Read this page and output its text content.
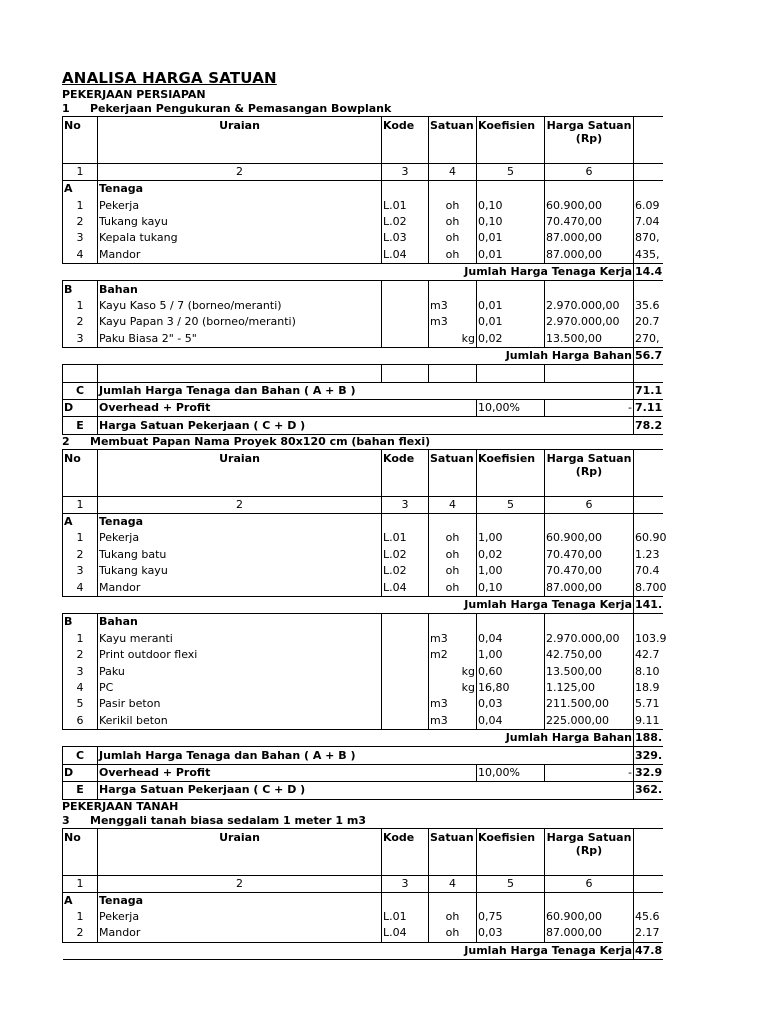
ANALISA HARGA SATUAN
PEKERJAAN PERSIAPAN
1 Pekerjaan Pengukuran & Pemasangan Bowplank
No	Uraian	Kode	Satuan	Koefisien	Harga Satuan
(Rp)	
1	2	3	4	5	6	
A	Tenaga					
1	Pekerja	L.01	oh	0,10	60.900,00	6.09
2	Tukang kayu	L.02	oh	0,10	70.470,00	7.04
3	Kepala tukang	L.03	oh	0,01	87.000,00	870,
4	Mandor	L.04	oh	0,01	87.000,00	435,
Jumlah Harga Tenaga Kerja						14.4
B	Bahan					
1	Kayu Kaso 5 / 7 (borneo/meranti)		m3	0,01	2.970.000,00	35.6
2	Kayu Papan 3 / 20 (borneo/meranti)		m3	0,01	2.970.000,00	20.7
3	Paku Biasa 2" - 5"		kg	0,02	13.500,00	270,
Jumlah Harga Bahan						56.7

C	Jumlah Harga Tenaga dan Bahan ( A + B )					71.1
D	Overhead + Profit			10,00%	-	7.11
E	Harga Satuan Pekerjaan ( C + D )					78.2
2 Membuat Papan Nama Proyek 80x120 cm (bahan flexi)
No	Uraian	Kode	Satuan	Koefisien	Harga Satuan
(Rp)	
1	2	3	4	5	6	
A	Tenaga					
1	Pekerja	L.01	oh	1,00	60.900,00	60.90
2	Tukang batu	L.02	oh	0,02	70.470,00	1.23
3	Tukang kayu	L.02	oh	1,00	70.470,00	70.4
4	Mandor	L.04	oh	0,10	87.000,00	8.700
Jumlah Harga Tenaga Kerja						141.
B	Bahan					
1	Kayu meranti		m3	0,04	2.970.000,00	103.9
2	Print outdoor flexi		m2	1,00	42.750,00	42.7
3	Paku		kg	0,60	13.500,00	8.10
4	PC		kg	16,80	1.125,00	18.9
5	Pasir beton		m3	0,03	211.500,00	5.71
6	Kerikil beton		m3	0,04	225.000,00	9.11
Jumlah Harga Bahan						188.
C	Jumlah Harga Tenaga dan Bahan ( A + B )					329.
D	Overhead + Profit			10,00%	-	32.9
E	Harga Satuan Pekerjaan ( C + D )					362.
PEKERJAAN TANAH
3 Menggali tanah biasa sedalam 1 meter 1 m3
No	Uraian	Kode	Satuan	Koefisien	Harga Satuan
(Rp)	
1	2	3	4	5	6	
A	Tenaga					
1	Pekerja	L.01	oh	0,75	60.900,00	45.6
2	Mandor	L.04	oh	0,03	87.000,00	2.17
Jumlah Harga Tenaga Kerja						47.8
